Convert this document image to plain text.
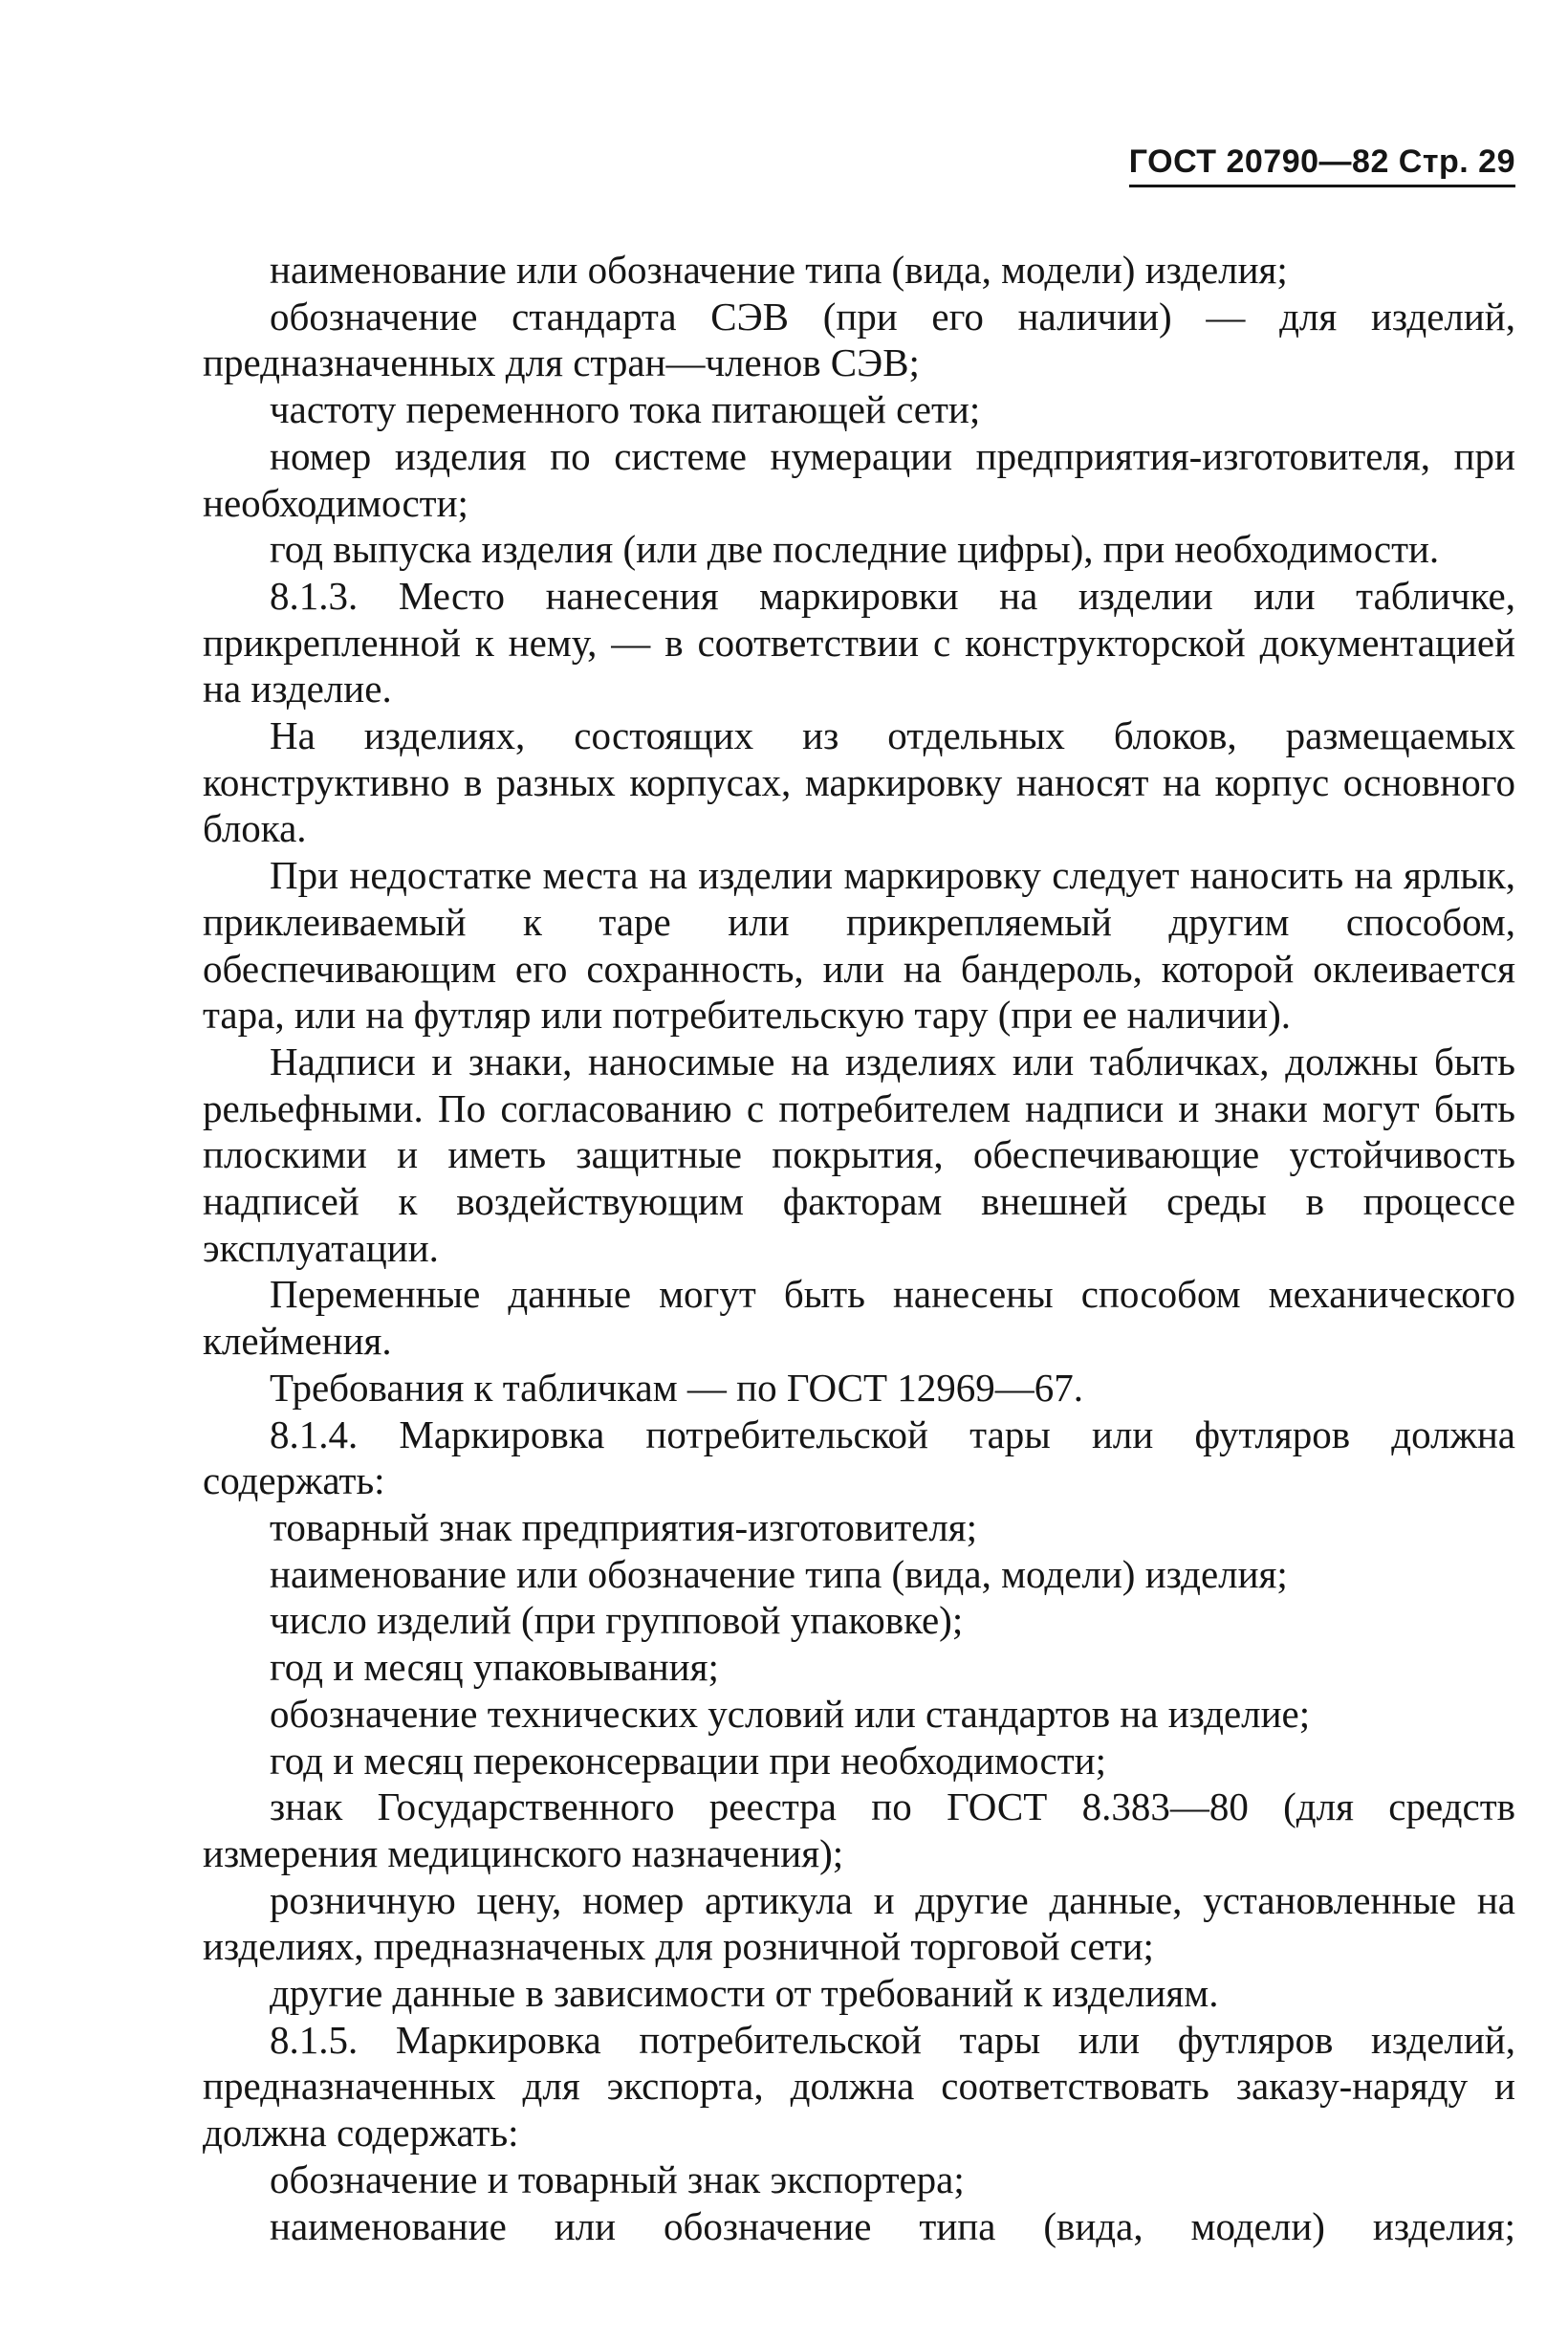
ГОСТ 20790—82 Стр. 29

наименование или обозначение типа (вида, модели) изделия;

обозначение стандарта СЭВ (при его наличии) — для изделий, предназначенных для стран—членов СЭВ;

частоту переменного тока питающей сети;

номер изделия по системе нумерации предприятия-изготовителя, при необходимости;

год выпуска изделия (или две последние цифры), при необходимости.

8.1.3. Место нанесения маркировки на изделии или табличке, прикрепленной к нему, — в соответствии с конструкторской документацией на изделие.

На изделиях, состоящих из отдельных блоков, размещаемых конструктивно в разных корпусах, маркировку наносят на корпус основного блока.

При недостатке места на изделии маркировку следует наносить на ярлык, приклеиваемый к таре или прикрепляемый другим способом, обеспечивающим его сохранность, или на бандероль, которой оклеивается тара, или на футляр или потребительскую тару (при ее наличии).

Надписи и знаки, наносимые на изделиях или табличках, должны быть рельефными. По согласованию с потребителем надписи и знаки могут быть плоскими и иметь защитные покрытия, обеспечивающие устойчивость надписей к воздействующим факторам внешней среды в процессе эксплуатации.

Переменные данные могут быть нанесены способом механического клеймения.

Требования к табличкам — по ГОСТ 12969—67.

8.1.4. Маркировка потребительской тары или футляров должна содержать:

товарный знак предприятия-изготовителя;

наименование или обозначение типа (вида, модели) изделия;

число изделий (при групповой упаковке);

год и месяц упаковывания;

обозначение технических условий или стандартов на изделие;

год и месяц переконсервации при необходимости;

знак Государственного реестра по ГОСТ 8.383—80 (для средств измерения медицинского назначения);

розничную цену, номер артикула и другие данные, установленные на изделиях, предназначеных для розничной торговой сети;

другие данные в зависимости от требований к изделиям.

8.1.5. Маркировка потребительской тары или футляров изделий, предназначенных для экспорта, должна соответствовать заказу-наряду и должна содержать:

обозначение и товарный знак экспортера;

наименование или обозначение типа (вида, модели) изделия;
